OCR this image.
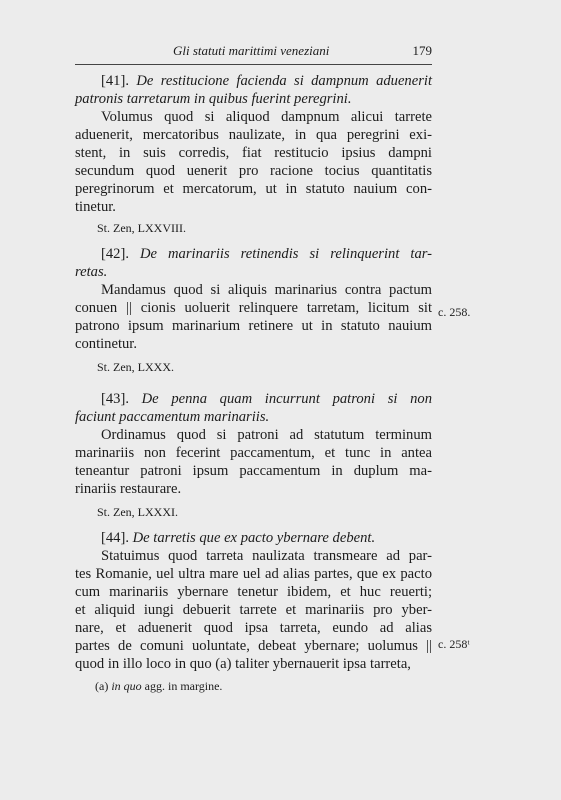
Gli statuti marittimi veneziani	179
[41]. De restitucione facienda si dampnum aduenerit
patronis tarretarum in quibus fuerint peregrini.
Volumus quod si aliquod dampnum alicui tarrete
aduenerit, mercatoribus naulizate, in qua peregrini exi-
stent, in suis corredis, fiat restitucio ipsius dampni
secundum quod uenerit pro racione tocius quantitatis
peregrinorum et mercatorum, ut in statuto nauium con-
tinetur.
St. Zen, LXXVIII.
[42]. De marinariis retinendis si relinquerint tar-
retas.
Mandamus quod si aliquis marinarius contra pactum
conuen || cionis uoluerit relinquere tarretam, licitum sit
patrono ipsum marinarium retinere ut in statuto nauium
continetur.
St. Zen, LXXX.
c. 258.
[43]. De penna quam incurrunt patroni si non
faciunt paccamentum marinariis.
Ordinamus quod si patroni ad statutum terminum
marinariis non fecerint paccamentum, et tunc in antea
teneantur patroni ipsum paccamentum in duplum ma-
rinariis restaurare.
St. Zen, LXXXI.
[44]. De tarretis que ex pacto ybernare debent.
Statuimus quod tarreta naulizata transmeare ad par-
tes Romanie, uel ultra mare uel ad alias partes, que ex pacto
cum marinariis ybernare tenetur ibidem, et huc reuerti;
et aliquid iungi debuerit tarrete et marinariis pro yber-
nare, et aduenerit quod ipsa tarreta, eundo ad alias
partes de comuni uoluntate, debeat ybernare; uolumus ||
quod in illo loco in quo (a) taliter ybernauerit ipsa tarreta,
c. 258ᵗ
(a) in quo agg. in margine.
